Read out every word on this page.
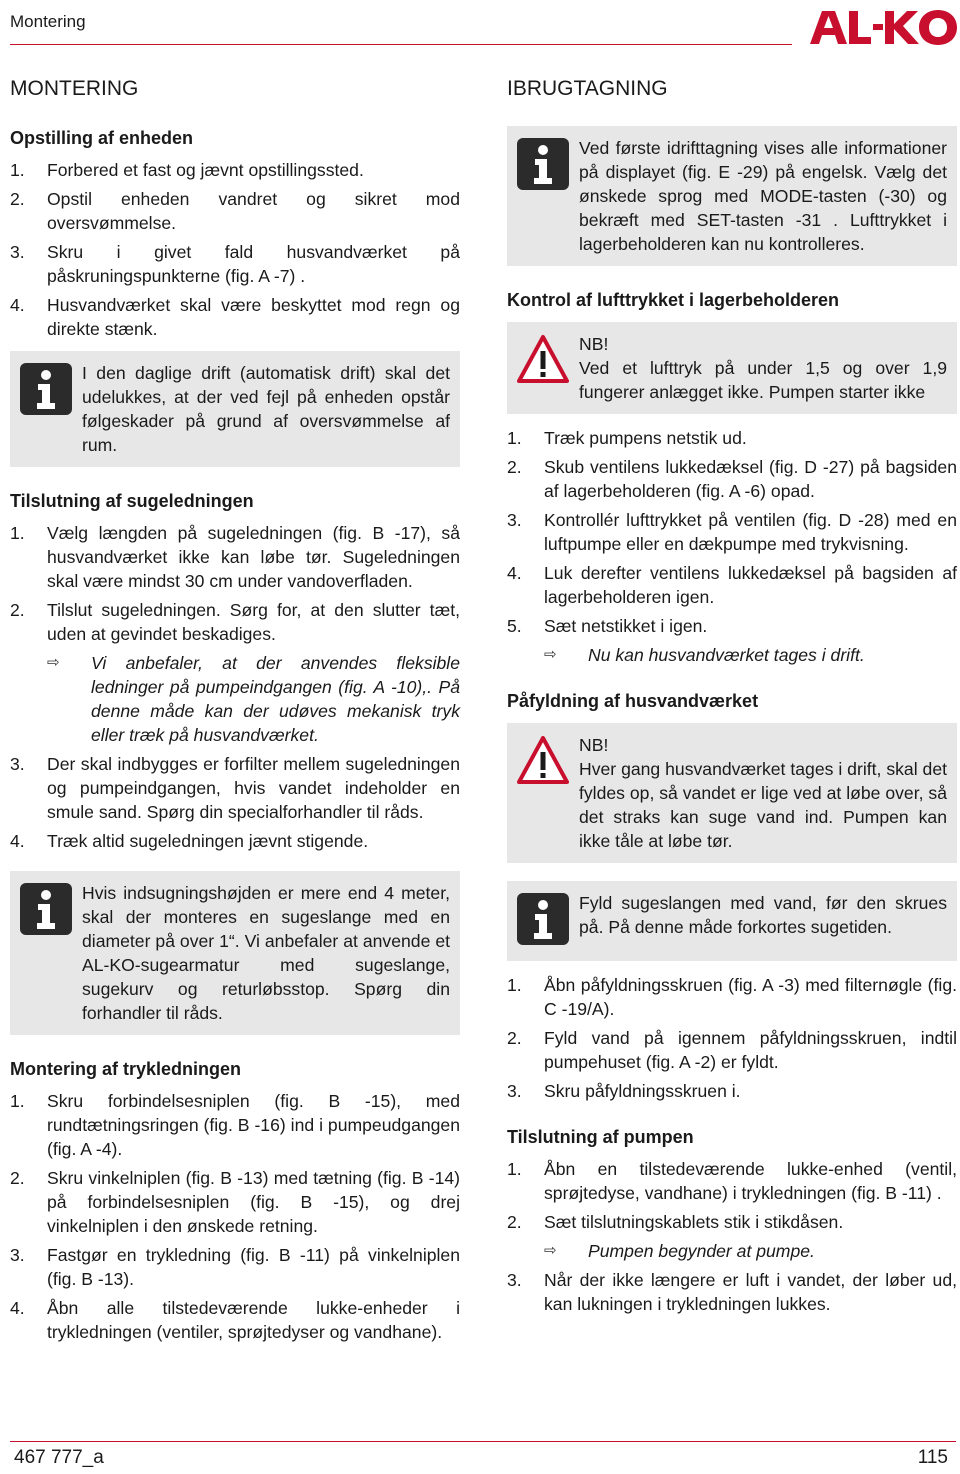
Montering
MONTERING
Opstilling af enheden
1. Forbered et fast og jævnt opstillingssted.
2. Opstil enheden vandret og sikret mod oversvømmelse.
3. Skru i givet fald husvandværket på påskruningspunkterne (fig. A -7) .
4. Husvandværket skal være beskyttet mod regn og direkte stænk.
I den daglige drift (automatisk drift) skal det udelukkes, at der ved fejl på enheden opstår følgeskader på grund af oversvømmelse af rum.
Tilslutning af sugeledningen
1. Vælg længden på sugeledningen (fig. B -17), så husvandværket ikke kan løbe tør. Sugeledningen skal være mindst 30 cm under vandoverfladen.
2. Tilslut sugeledningen. Sørg for, at den slutter tæt, uden at gevindet beskadiges.
⇨ Vi anbefaler, at der anvendes fleksible ledninger på pumpeindgangen (fig. A -10),. På denne måde kan der udøves mekanisk tryk eller træk på husvandværket.
3. Der skal indbygges er forfilter mellem sugeledningen og pumpeindgangen, hvis vandet indeholder en smule sand. Spørg din specialforhandler til råds.
4. Træk altid sugeledningen jævnt stigende.
Hvis indsugningshøjden er mere end 4 meter, skal der monteres en sugeslange med en diameter på over 1“. Vi anbefaler at anvende et AL-KO-sugearmatur med sugeslange, sugekurv og returløbsstop. Spørg din forhandler til råds.
Montering af trykledningen
1. Skru forbindelsesniplen (fig. B -15), med rundtætningsringen (fig. B -16) ind i pumpeudgangen (fig. A -4).
2. Skru vinkelniplen (fig. B -13) med tætning (fig. B -14) på forbindelsesniplen (fig. B -15), og drej vinkelniplen i den ønskede retning.
3. Fastgør en trykledning (fig. B -11) på vinkelniplen (fig. B -13).
4. Åbn alle tilstedeværende lukke-enheder i trykledningen (ventiler, sprøjtedyser og vandhane).
IBRUGTAGNING
Ved første idrifttagning vises alle informationer på displayet (fig. E -29) på engelsk. Vælg det ønskede sprog med MODE-tasten (-30) og bekræft med SET-tasten -31 . Lufttrykket i lagerbeholderen kan nu kontrolleres.
Kontrol af lufttrykket i lagerbeholderen
NB!
Ved et lufttryk på under 1,5 og over 1,9 fungerer anlægget ikke. Pumpen starter ikke
1. Træk pumpens netstik ud.
2. Skub ventilens lukkedæksel (fig. D -27) på bagsiden af lagerbeholderen (fig. A -6) opad.
3. Kontrollér lufttrykket på ventilen (fig. D -28) med en luftpumpe eller en dækpumpe med trykvisning.
4. Luk derefter ventilens lukkedæksel på bagsiden af lagerbeholderen igen.
5. Sæt netstikket i igen.
⇨ Nu kan husvandværket tages i drift.
Påfyldning af husvandværket
NB!
Hver gang husvandværket tages i drift, skal det fyldes op, så vandet er lige ved at løbe over, så det straks kan suge vand ind. Pumpen kan ikke tåle at løbe tør.
Fyld sugeslangen med vand, før den skrues på. På denne måde forkortes sugetiden.
1. Åbn påfyldningsskruen (fig. A -3) med filternøgle (fig. C -19/A).
2. Fyld vand på igennem påfyldningsskruen, indtil pumpehuset (fig. A -2) er fyldt.
3. Skru påfyldningsskruen i.
Tilslutning af pumpen
1. Åbn en tilstedeværende lukke-enhed (ventil, sprøjtedyse, vandhane) i trykledningen (fig. B -11) .
2. Sæt tilslutningskablets stik i stikdåsen.
⇨ Pumpen begynder at pumpe.
3. Når der ikke længere er luft i vandet, der løber ud, kan lukningen i trykledningen lukkes.
467 777_a	115
